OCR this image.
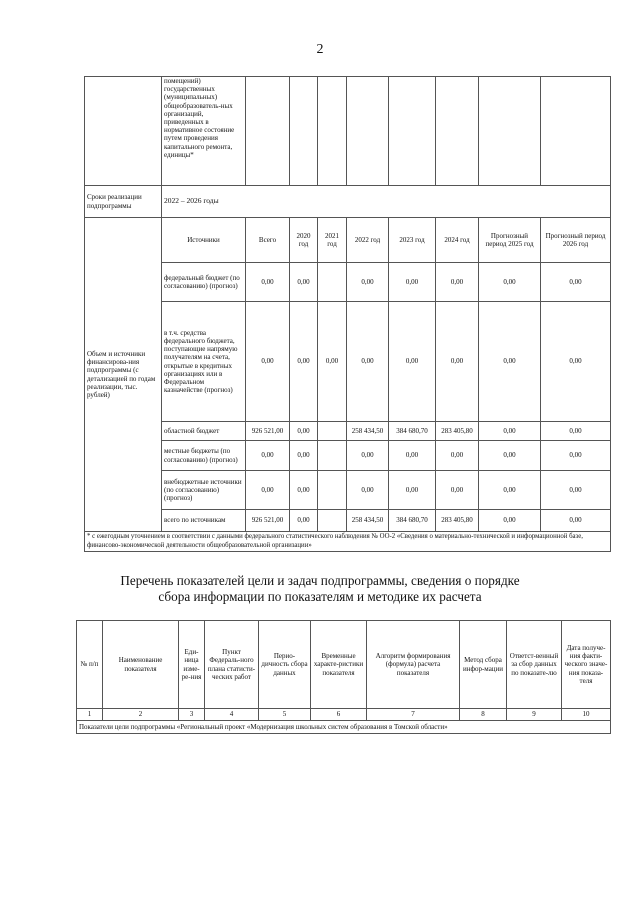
2
	помещений) государственных (муниципальных) общеобразователь-ных организаций, приведенных в нормативное состояние путем проведения капитального ремонта, единицы*								
Сроки реализации подпрограммы	2022 – 2026 годы								
Объем и источники финансирова-ния подпрограммы (с детализацией по годам реализации, тыс. рублей)	Источники	Всего	2020 год	2021 год	2022 год	2023 год	2024 год	Прогнозный период 2025 год	Прогнозный период 2026 год
	федеральный бюджет (по согласованию) (прогноз)	0,00	0,00		0,00	0,00	0,00	0,00	0,00
	в т.ч. средства федерального бюджета, поступающие напрямую получателям на счета, открытые в кредитных организациях или в Федеральном казначействе (прогноз)	0,00	0,00	0,00	0,00	0,00	0,00	0,00	0,00
	областной бюджет	926 521,00	0,00		258 434,50	384 680,70	283 405,80	0,00	0,00
	местные бюджеты (по согласованию) (прогноз)	0,00	0,00		0,00	0,00	0,00	0,00	0,00
	внебюджетные источники (по согласованию) (прогноз)	0,00	0,00		0,00	0,00	0,00	0,00	0,00
	всего по источникам	926 521,00	0,00		258 434,50	384 680,70	283 405,80	0,00	0,00
* с ежегодным уточнением в соответствии с данными федерального статистического наблюдения № ОО-2 «Сведения о материально-технической и информационной базе, финансово-экономической деятельности общеобразовательной организации»									
Перечень показателей цели и задач подпрограммы, сведения о порядке
сбора информации по показателям и методике их расчета
№ п/п	Наименование показателя	Еди-ница изме-ре-ния	Пункт Федераль-ного плана статисти-ческих работ	Перио-дичность сбора данных	Временные характе-ристики показателя	Алгоритм формирования (формула) расчета показателя	Метод сбора инфор-мации	Ответст-венный за сбор данных по показате-лю	Дата получе-ния факти-ческого значе-ния показа-теля
1	2	3	4	5	6	7	8	9	10
Показатели цели подпрограммы «Региональный проект «Модернизация школьных систем образования в Томской области»									
